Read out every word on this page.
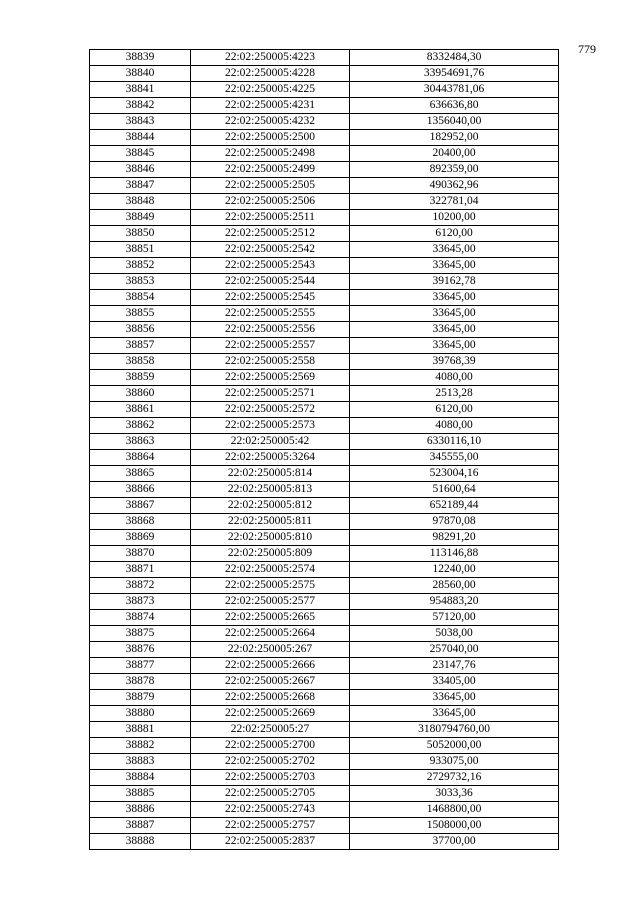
779
38839	22:02:250005:4223	8332484,30
38840	22:02:250005:4228	33954691,76
38841	22:02:250005:4225	30443781,06
38842	22:02:250005:4231	636636,80
38843	22:02:250005:4232	1356040,00
38844	22:02:250005:2500	182952,00
38845	22:02:250005:2498	20400,00
38846	22:02:250005:2499	892359,00
38847	22:02:250005:2505	490362,96
38848	22:02:250005:2506	322781,04
38849	22:02:250005:2511	10200,00
38850	22:02:250005:2512	6120,00
38851	22:02:250005:2542	33645,00
38852	22:02:250005:2543	33645,00
38853	22:02:250005:2544	39162,78
38854	22:02:250005:2545	33645,00
38855	22:02:250005:2555	33645,00
38856	22:02:250005:2556	33645,00
38857	22:02:250005:2557	33645,00
38858	22:02:250005:2558	39768,39
38859	22:02:250005:2569	4080,00
38860	22:02:250005:2571	2513,28
38861	22:02:250005:2572	6120,00
38862	22:02:250005:2573	4080,00
38863	22:02:250005:42	6330116,10
38864	22:02:250005:3264	345555,00
38865	22:02:250005:814	523004,16
38866	22:02:250005:813	51600,64
38867	22:02:250005:812	652189,44
38868	22:02:250005:811	97870,08
38869	22:02:250005:810	98291,20
38870	22:02:250005:809	113146,88
38871	22:02:250005:2574	12240,00
38872	22:02:250005:2575	28560,00
38873	22:02:250005:2577	954883,20
38874	22:02:250005:2665	57120,00
38875	22:02:250005:2664	5038,00
38876	22:02:250005:267	257040,00
38877	22:02:250005:2666	23147,76
38878	22:02:250005:2667	33405,00
38879	22:02:250005:2668	33645,00
38880	22:02:250005:2669	33645,00
38881	22:02:250005:27	3180794760,00
38882	22:02:250005:2700	5052000,00
38883	22:02:250005:2702	933075,00
38884	22:02:250005:2703	2729732,16
38885	22:02:250005:2705	3033,36
38886	22:02:250005:2743	1468800,00
38887	22:02:250005:2757	1508000,00
38888	22:02:250005:2837	37700,00
